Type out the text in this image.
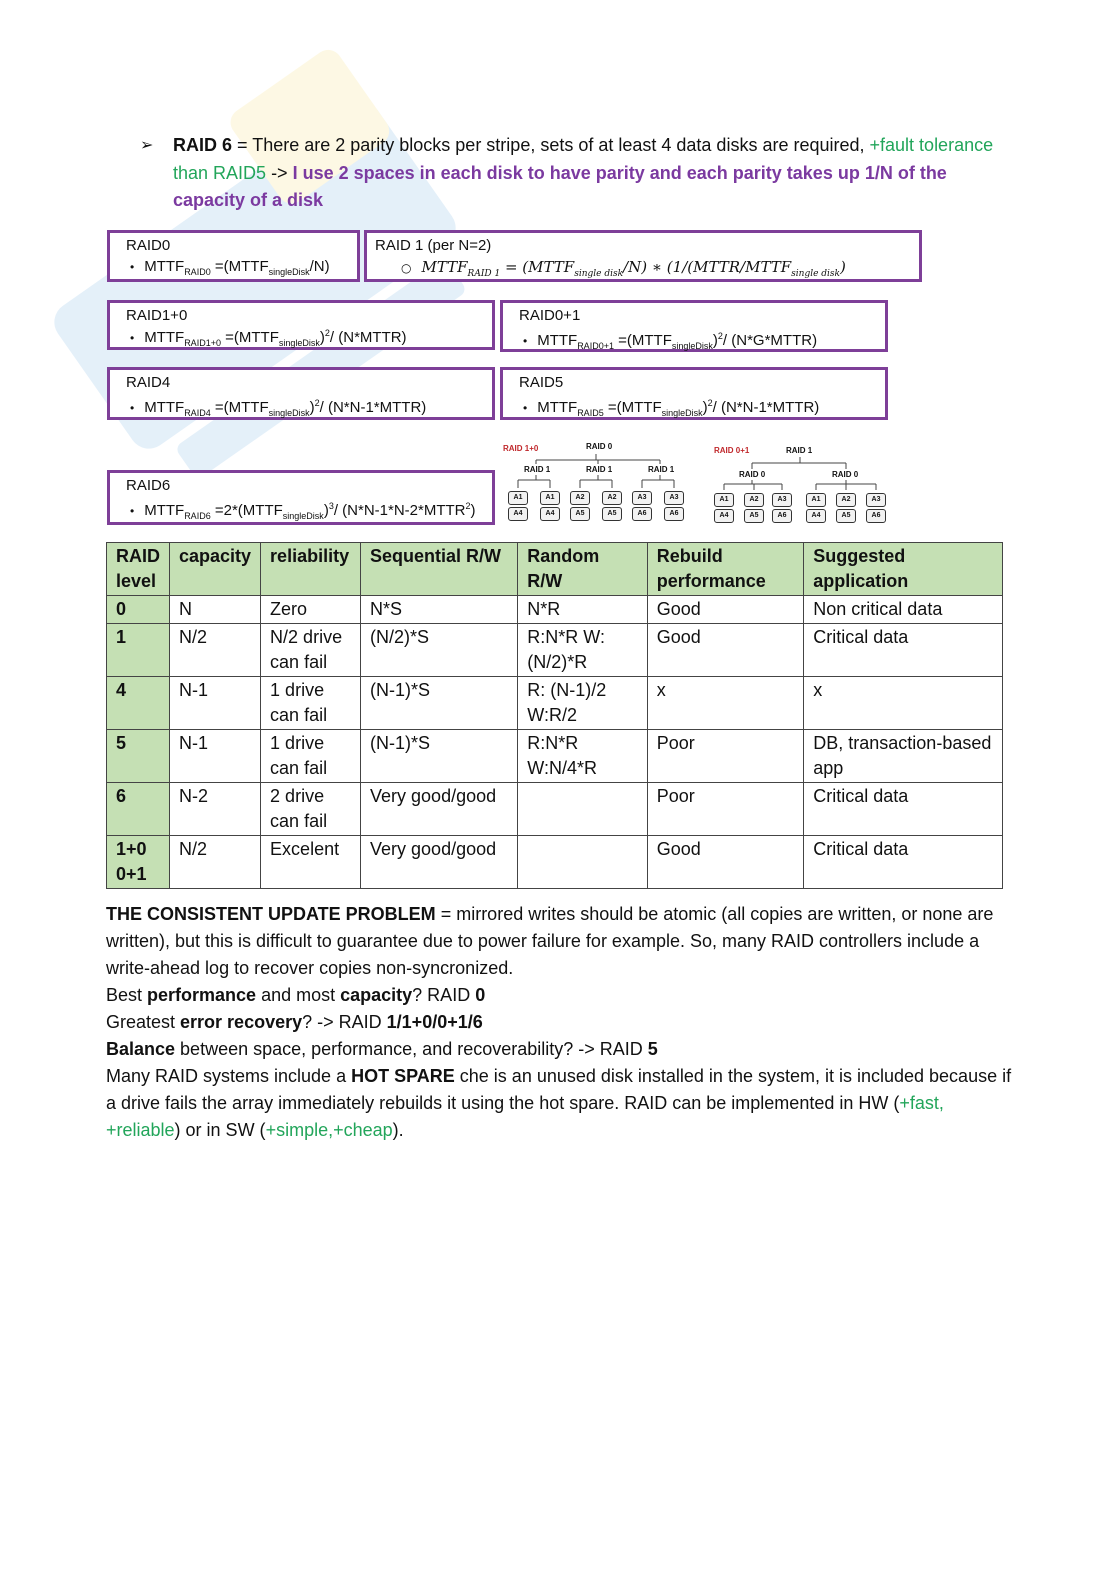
➢ RAID 6 = There are 2 parity blocks per stripe, sets of at least 4 data disks are required, +fault tolerance than RAID5 -> I use 2 spaces in each disk to have parity and each parity takes up 1/N of the capacity of a disk
RAID0
• $MTTF_{RAID0}$ $=(MTTF_{singleDisk}/N)$
RAID 1 (per N=2)
○ $MTTF_{RAID 1}$ = $(MTTF_{single disk}/N)$ ∗ ($1/(MTTR/MTTF_{single disk})$
RAID1+0
• $MTTF_{RAID1+0}$ $=(MTTF_{singleDisk})^2/$ (N*MTTR)
RAID0+1
• $MTTF_{RAID0+1}$ $=(MTTF_{singleDisk})^2/$ (N*G*MTTR)
RAID4
• $MTTF_{RAID4}$ $=(MTTF_{singleDisk})^2/$ (N*N-1*MTTR)
RAID5
• $MTTF_{RAID5}$ $=(MTTF_{singleDisk})^2/$ (N*N-1*MTTR)
RAID6
• $MTTF_{RAID6}$ $=2*(MTTF_{singleDisk})^3/$ (N*N-1*N-2*MTTR$^2$)
RAID 1+0	RAID 0
RAID 1	RAID 1	RAID 1
A1
A4
A1
A4
A2
A5
A2
A5
A3
A6
A3
A6
RAID 0+1	RAID 1
RAID 0	RAID 0
A1
A4
A2
A5
A3
A6
A1
A4
A2
A5
A3
A6
RAID level	capacity	reliability	Sequential R/W	Random R/W	Rebuild performance	Suggested application
0	N	Zero	N*S	N*R	Good	Non critical data
1	N/2	N/2 drive can fail	(N/2)*S	R:N*R W:(N/2)*R	Good	Critical data
4	N-1	1 drive can fail	(N-1)*S	R: (N-1)/2 W:R/2	x	x
5	N-1	1 drive can fail	(N-1)*S	R:N*R W:N/4*R	Poor	DB, transaction-based app
6	N-2	2 drive can fail	Very good/good		Poor	Critical data
1+0 0+1	N/2	Excelent	Very good/good		Good	Critical data
THE CONSISTENT UPDATE PROBLEM = mirrored writes should be atomic (all copies are written, or none are written), but this is difficult to guarantee due to power failure for example. So, many RAID controllers include a write-ahead log to recover copies non-syncronized.
Best performance and most capacity? RAID 0
Greatest error recovery? -> RAID 1/1+0/0+1/6
Balance between space, performance, and recoverability? -> RAID 5
Many RAID systems include a HOT SPARE che is an unused disk installed in the system, it is included because if a drive fails the array immediately rebuilds it using the hot spare. RAID can be implemented in HW (+fast, +reliable) or in SW (+simple,+cheap).
